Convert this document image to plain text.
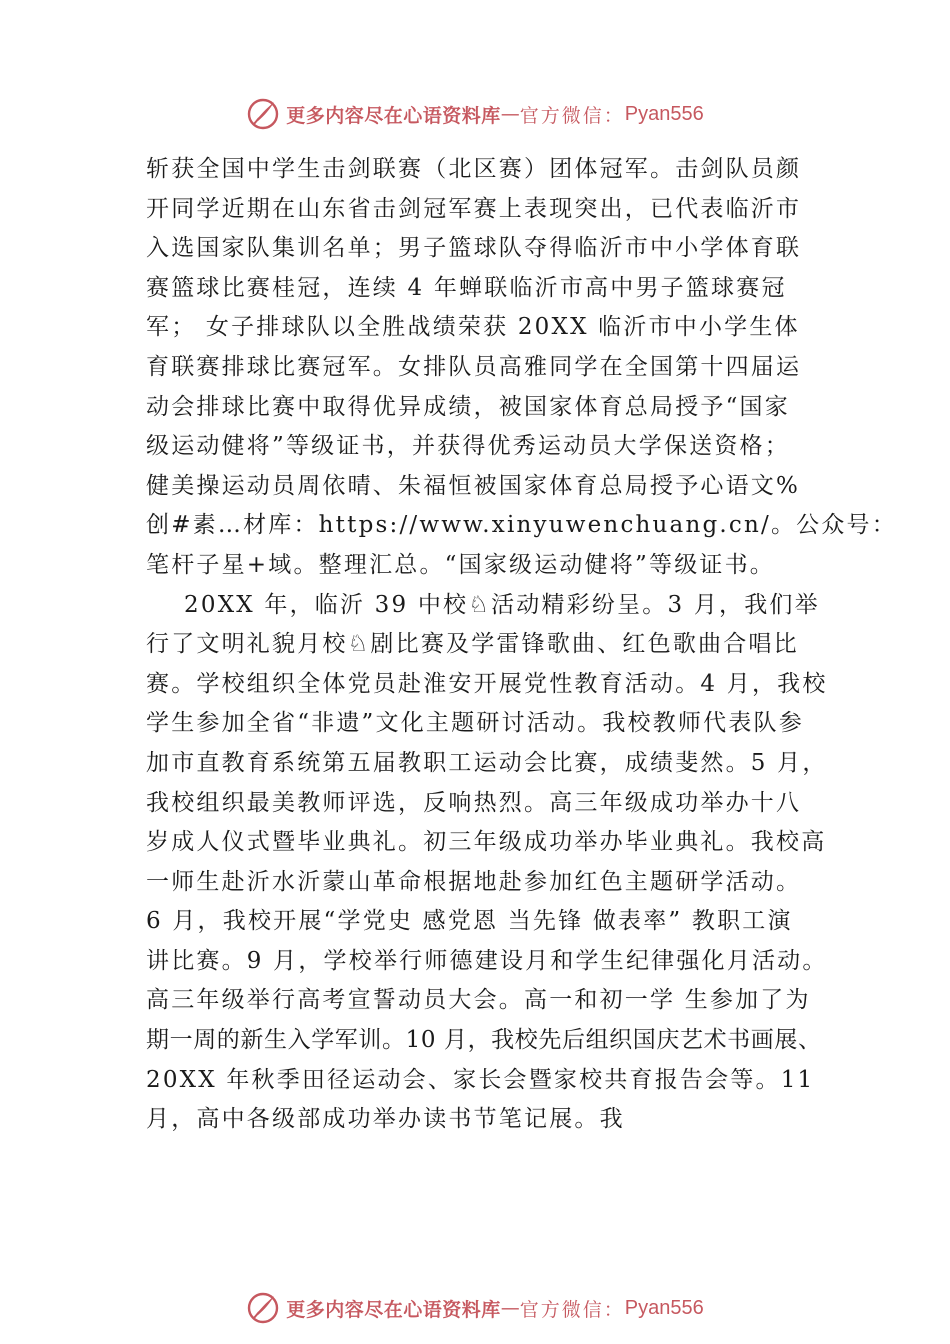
更多内容尽在心语资料库 — 官方微信： Pyan556
斩获全国中学生击剑联赛（北区赛）团体冠军。击剑队员颜
开同学近期在山东省击剑冠军赛上表现突出，已代表临沂市
入选国家队集训名单；男子篮球队夺得临沂市中小学体育联
赛篮球比赛桂冠，连续 4 年蝉联临沂市高中男子篮球赛冠
军； 女子排球队以全胜战绩荣获 20XX 临沂市中小学生体
育联赛排球比赛冠军。女排队员高雅同学在全国第十四届运
动会排球比赛中取得优异成绩，被国家体育总局授予“国家
级运动健将”等级证书，并获得优秀运动员大学保送资格；
健美操运动员周依晴、朱福恒被国家体育总局授予心语文%
创#素…材库：https://www.xinyuwenchuang.cn/。公众号：
笔杆子星+域。整理汇总。“国家级运动健将”等级证书。
20XX 年，临沂 39 中校♘活动精彩纷呈。3 月，我们举
行了文明礼貌月校♘剧比赛及学雷锋歌曲、红色歌曲合唱比
赛。学校组织全体党员赴淮安开展党性教育活动。4 月，我校
学生参加全省“非遗”文化主题研讨活动。我校教师代表队参
加市直教育系统第五届教职工运动会比赛，成绩斐然。5 月，
我校组织最美教师评选，反响热烈。高三年级成功举办十八
岁成人仪式暨毕业典礼。初三年级成功举办毕业典礼。我校高
一师生赴沂水沂蒙山革命根据地赴参加红色主题研学活动。
6 月，我校开展“学党史 感党恩 当先锋 做表率” 教职工演
讲比赛。9 月，学校举行师德建设月和学生纪律强化月活动。
高三年级举行高考宣誓动员大会。高一和初一学 生参加了为
期一周的新生入学军训。10 月，我校先后组织国庆艺术书画展、
20XX 年秋季田径运动会、家长会暨家校共育报告会等。11
月，高中各级部成功举办读书节笔记展。我
更多内容尽在心语资料库 — 官方微信： Pyan556
